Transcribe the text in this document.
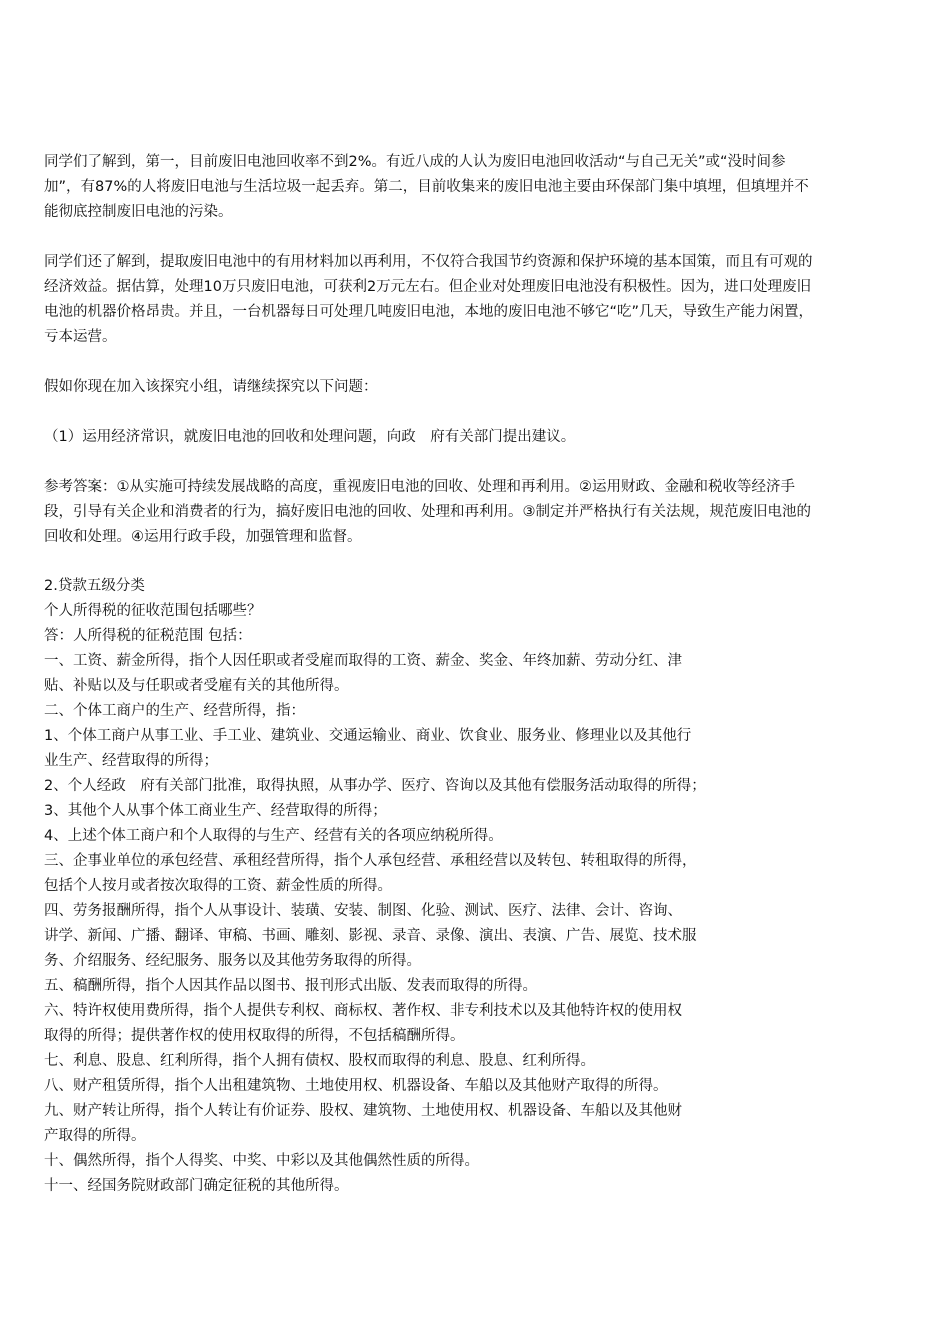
同学们了解到，第一，目前废旧电池回收率不到2%。有近八成的人认为废旧电池回收活动“与自己无关”或“没时间参加”，有87%的人将废旧电池与生活垃圾一起丢弃。第二，目前收集来的废旧电池主要由环保部门集中填埋，但填埋并不能彻底控制废旧电池的污染。

同学们还了解到，提取废旧电池中的有用材料加以再利用，不仅符合我国节约资源和保护环境的基本国策，而且有可观的经济效益。据估算，处理10万只废旧电池，可获利2万元左右。但企业对处理废旧电池没有积极性。因为，进口处理废旧电池的机器价格昂贵。并且，一台机器每日可处理几吨废旧电池，本地的废旧电池不够它“吃”几天，导致生产能力闲置，亏本运营。

假如你现在加入该探究小组，请继续探究以下问题：

（1）运用经济常识，就废旧电池的回收和处理问题，向政　府有关部门提出建议。

参考答案：①从实施可持续发展战略的高度，重视废旧电池的回收、处理和再利用。②运用财政、金融和税收等经济手段，引导有关企业和消费者的行为，搞好废旧电池的回收、处理和再利用。③制定并严格执行有关法规，规范废旧电池的回收和处理。④运用行政手段，加强管理和监督。

2.贷款五级分类
个人所得税的征收范围包括哪些？
答：人所得税的征税范围 包括：
一、工资、薪金所得，指个人因任职或者受雇而取得的工资、薪金、奖金、年终加薪、劳动分红、津
贴、补贴以及与任职或者受雇有关的其他所得。
二、个体工商户的生产、经营所得，指：
1、个体工商户从事工业、手工业、建筑业、交通运输业、商业、饮食业、服务业、修理业以及其他行
业生产、经营取得的所得；
2、个人经政　府有关部门批准，取得执照，从事办学、医疗、咨询以及其他有偿服务活动取得的所得；
3、其他个人从事个体工商业生产、经营取得的所得；
4、上述个体工商户和个人取得的与生产、经营有关的各项应纳税所得。
三、企事业单位的承包经营、承租经营所得，指个人承包经营、承租经营以及转包、转租取得的所得，
包括个人按月或者按次取得的工资、薪金性质的所得。
四、劳务报酬所得，指个人从事设计、装璜、安装、制图、化验、测试、医疗、法律、会计、咨询、
讲学、新闻、广播、翻译、审稿、书画、雕刻、影视、录音、录像、演出、表演、广告、展览、技术服
务、介绍服务、经纪服务、服务以及其他劳务取得的所得。
五、稿酬所得，指个人因其作品以图书、报刊形式出版、发表而取得的所得。
六、特许权使用费所得，指个人提供专利权、商标权、著作权、非专利技术以及其他特许权的使用权
取得的所得；提供著作权的使用权取得的所得，不包括稿酬所得。
七、利息、股息、红利所得，指个人拥有债权、股权而取得的利息、股息、红利所得。
八、财产租赁所得，指个人出租建筑物、土地使用权、机器设备、车船以及其他财产取得的所得。
九、财产转让所得，指个人转让有价证券、股权、建筑物、土地使用权、机器设备、车船以及其他财
产取得的所得。
十、偶然所得，指个人得奖、中奖、中彩以及其他偶然性质的所得。
十一、经国务院财政部门确定征税的其他所得。
